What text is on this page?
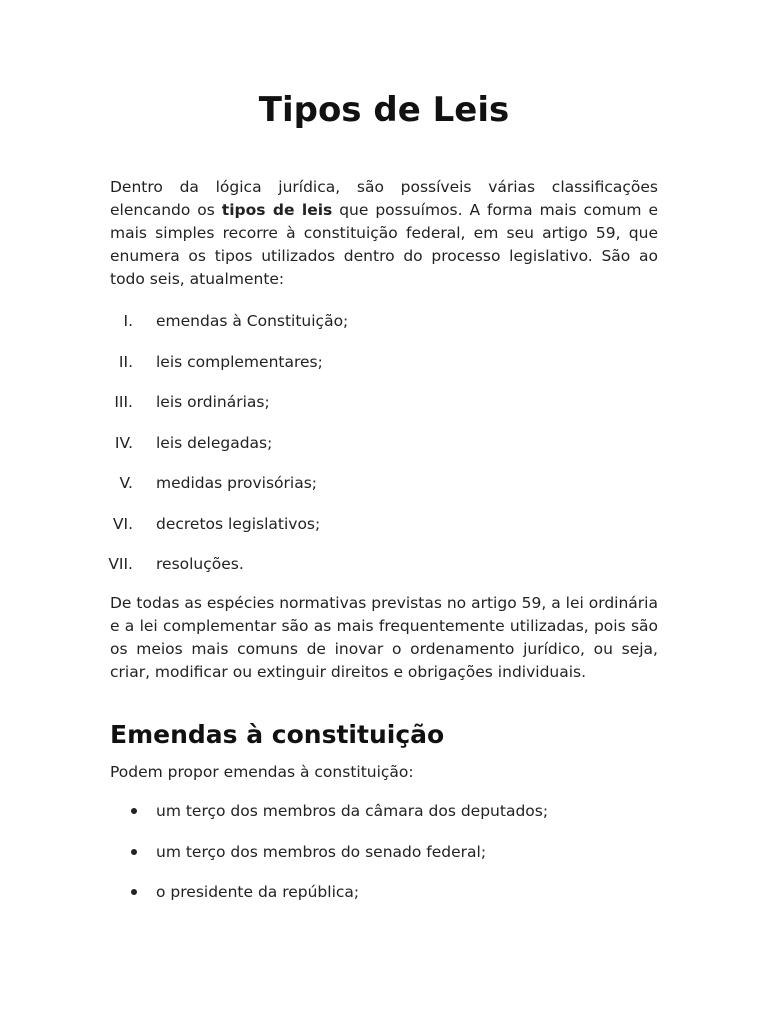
Tipos de Leis

Dentro da lógica jurídica, são possíveis várias classificações elencando os tipos de leis que possuímos. A forma mais comum e mais simples recorre à constituição federal, em seu artigo 59, que enumera os tipos utilizados dentro do processo legislativo. São ao todo seis, atualmente:

I. emendas à Constituição;
II. leis complementares;
III. leis ordinárias;
IV. leis delegadas;
V. medidas provisórias;
VI. decretos legislativos;
VII. resoluções.

De todas as espécies normativas previstas no artigo 59, a lei ordinária e a lei complementar são as mais frequentemente utilizadas, pois são os meios mais comuns de inovar o ordenamento jurídico, ou seja, criar, modificar ou extinguir direitos e obrigações individuais.

Emendas à constituição

Podem propor emendas à constituição:

um terço dos membros da câmara dos deputados;
um terço dos membros do senado federal;
o presidente da república;
